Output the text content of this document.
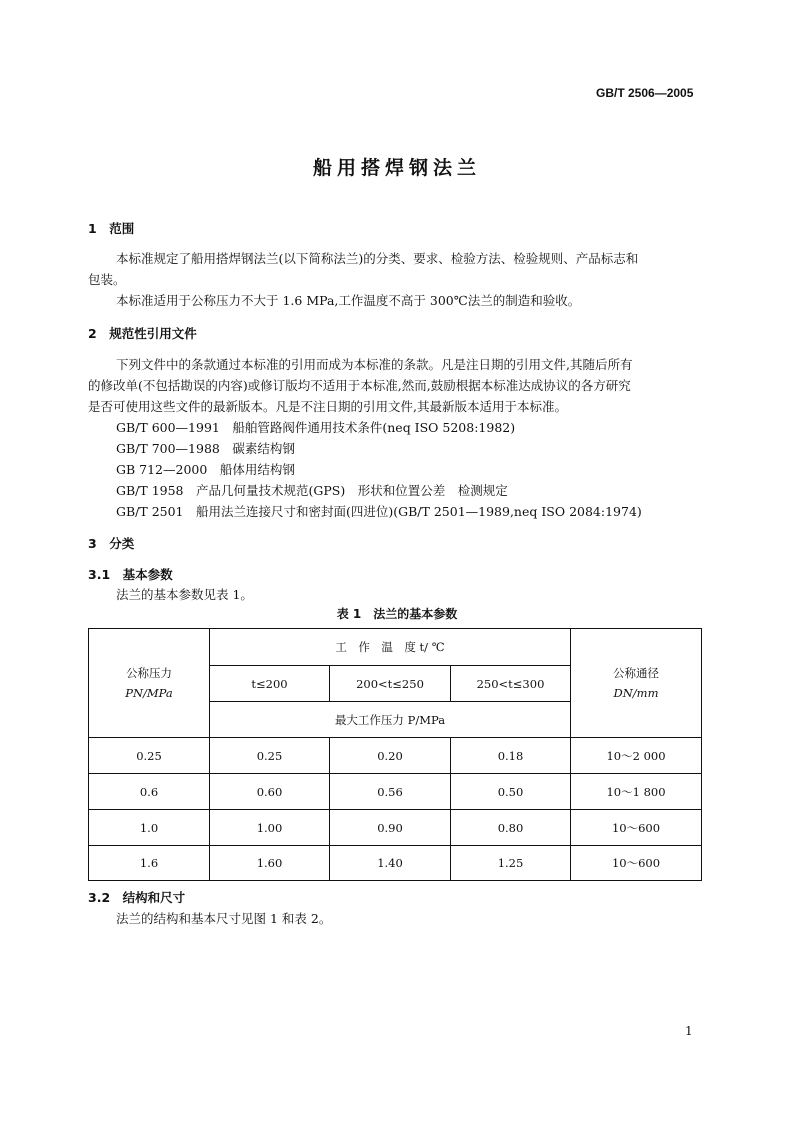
GB/T 2506—2005
船用搭焊钢法兰
1　范围
本标准规定了船用搭焊钢法兰(以下简称法兰)的分类、要求、检验方法、检验规则、产品标志和
包装。
本标准适用于公称压力不大于 1.6 MPa,工作温度不高于 300℃法兰的制造和验收。
2　规范性引用文件
下列文件中的条款通过本标准的引用而成为本标准的条款。凡是注日期的引用文件,其随后所有
的修改单(不包括勘误的内容)或修订版均不适用于本标准,然而,鼓励根据本标准达成协议的各方研究
是否可使用这些文件的最新版本。凡是不注日期的引用文件,其最新版本适用于本标准。
GB/T 600—1991　船舶管路阀件通用技术条件(neq ISO 5208:1982)
GB/T 700—1988　碳素结构钢
GB 712—2000　船体用结构钢
GB/T 1958　产品几何量技术规范(GPS)　形状和位置公差　检测规定
GB/T 2501　船用法兰连接尺寸和密封面(四进位)(GB/T 2501—1989,neq ISO 2084:1974)
3　分类
3.1　基本参数
法兰的基本参数见表 1。
表 1　法兰的基本参数
公称压力
PN/MPa
工　作　温　度 t/ ℃
t≤200	200<t≤250	250<t≤300
最大工作压力 P/MPa
公称通径
DN/mm
0.25	0.25	0.20	0.18	10～2 000
0.6	0.60	0.56	0.50	10～1 800
1.0	1.00	0.90	0.80	10～600
1.6	1.60	1.40	1.25	10～600
3.2　结构和尺寸
法兰的结构和基本尺寸见图 1 和表 2。
1
